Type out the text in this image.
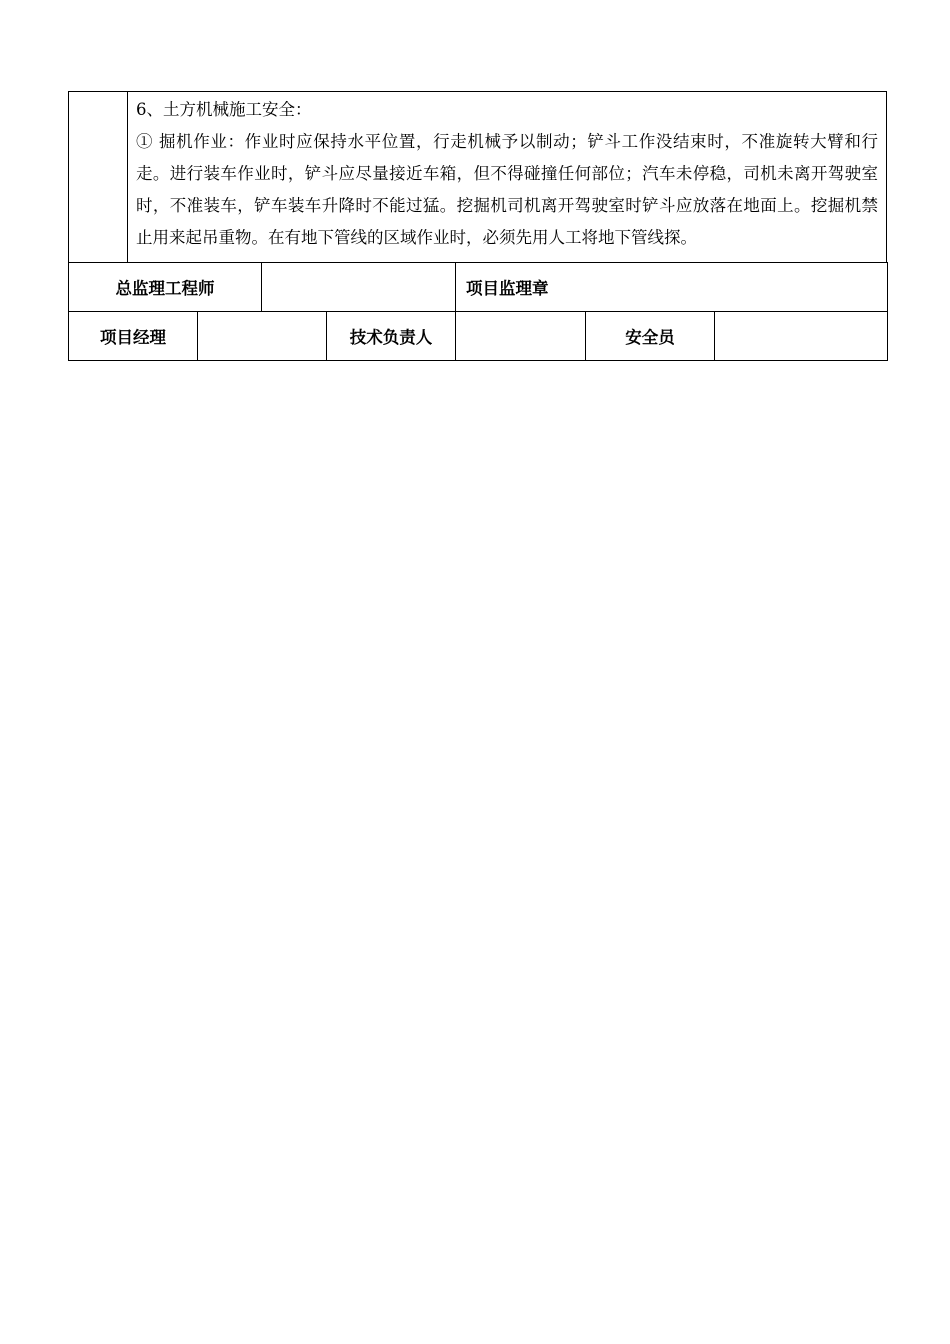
6、土方机械施工安全：

① 掘机作业：作业时应保持水平位置，行走机械予以制动；铲斗工作没结束时，不准旋转大臂和行走。进行装车作业时，铲斗应尽量接近车箱，但不得碰撞任何部位；汽车未停稳，司机未离开驾驶室时，不准装车，铲车装车升降时不能过猛。挖掘机司机离开驾驶室时铲斗应放落在地面上。挖掘机禁止用来起吊重物。在有地下管线的区域作业时，必须先用人工将地下管线探。

总监理工程师		项目监理章
项目经理		技术负责人		安全员	
